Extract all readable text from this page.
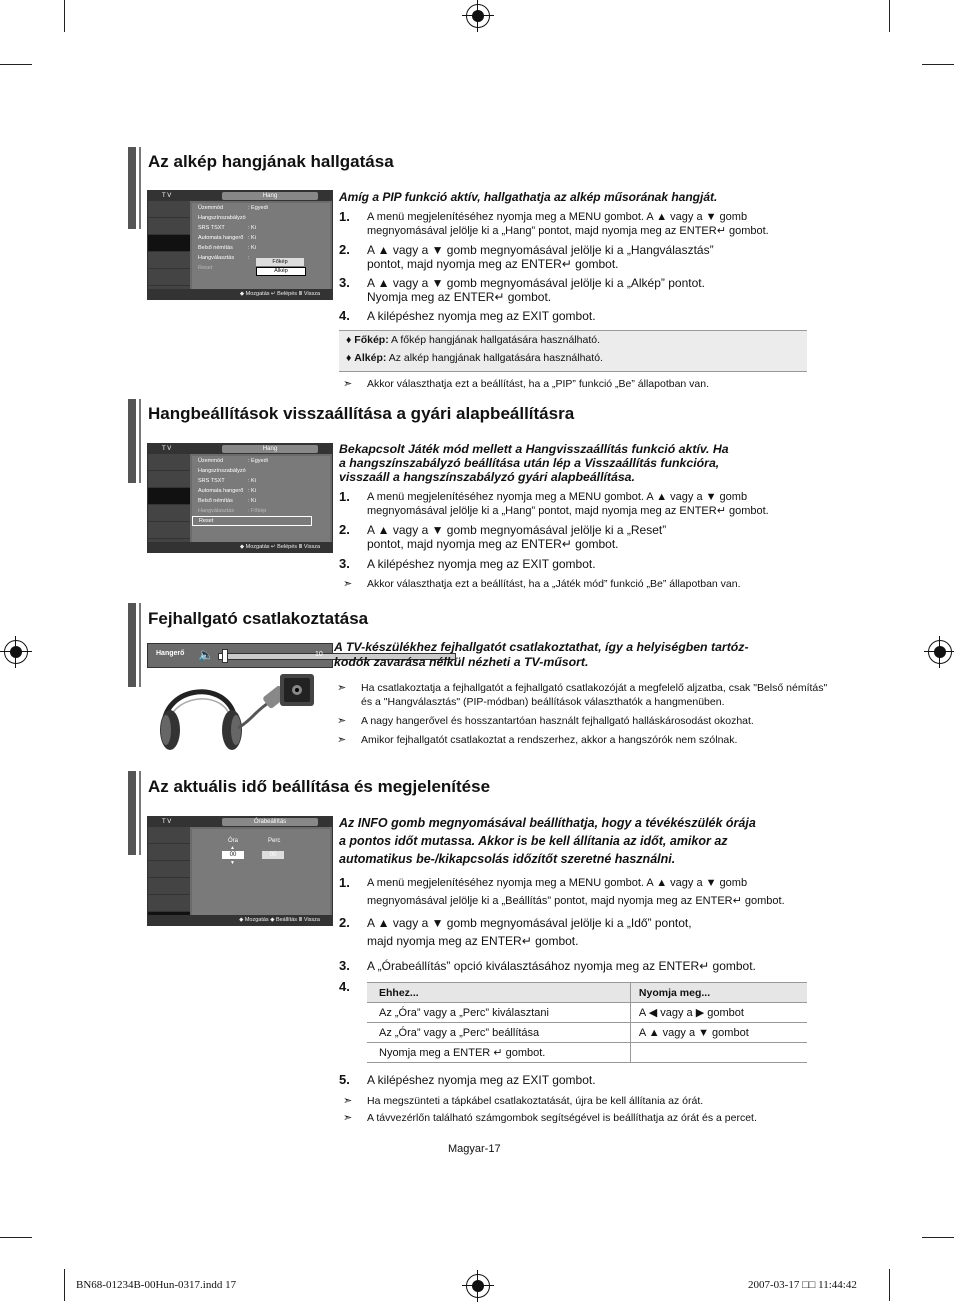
Az alkép hangjának hallgatása
T V	Hang
Üzemmód	: Egyedi
Hangszínszabályzó
SRS TSXT	: Ki
Automata hangerő : Ki
Belső némítás	: Ki
Hangválasztás	:
Reset
Főkép
Alkép
◆ Mozgatás ↵ Belépés Ⅲ Vissza
Amíg a PIP funkció aktív, hallgathatja az alkép műsorának hangját.
1. A menü megjelenítéséhez nyomja meg a MENU gombot. A ▲ vagy a ▼ gomb
megnyomásával jelölje ki a „Hang” pontot, majd nyomja meg az ENTER↵ gombot.
2. A ▲ vagy a ▼ gomb megnyomásával jelölje ki a „Hangválasztás”
pontot, majd nyomja meg az ENTER↵ gombot.
3. A ▲ vagy a ▼ gomb megnyomásával jelölje ki a „Alkép” pontot.
Nyomja meg az ENTER↵ gombot.
4. A kilépéshez nyomja meg az EXIT gombot.
♦ Főkép: A főkép hangjának hallgatására használható.
♦ Alkép: Az alkép hangjának hallgatására használható.
➣ Akkor választhatja ezt a beállítást, ha a „PIP” funkció „Be” állapotban van.
Hangbeállítások visszaállítása a gyári alapbeállításra
T V	Hang
Üzemmód	: Egyedi
Hangszínszabályzó
SRS TSXT	: Ki
Automata hangerő : Ki
Belső némítás	: Ki
Hangválasztás	: Főkép
Reset
◆ Mozgatás ↵ Belépés Ⅲ Vissza
Bekapcsolt Játék mód mellett a Hangvisszaállítás funkció aktív. Ha
a hangszínszabályzó beállítása után lép a Visszaállítás funkcióra,
visszaáll a hangszínszabályzó gyári alapbeállítása.
1. A menü megjelenítéséhez nyomja meg a MENU gombot. A ▲ vagy a ▼ gomb
megnyomásával jelölje ki a „Hang” pontot, majd nyomja meg az ENTER↵ gombot.
2. A ▲ vagy a ▼ gomb megnyomásával jelölje ki a „Reset”
pontot, majd nyomja meg az ENTER↵ gombot.
3. A kilépéshez nyomja meg az EXIT gombot.
➣ Akkor választhatja ezt a beállítást, ha a „Játék mód” funkció „Be” állapotban van.
Fejhallgató csatlakoztatása
Hangerő 🔈	10
A TV-készülékhez fejhallgatót csatlakoztathat, így a helyiségben tartóz-
kodók zavarása nélkül nézheti a TV-műsort.
➣ Ha csatlakoztatja a fejhallgatót a fejhallgató csatlakozóját a megfelelő aljzatba, csak "Belső némítás"
és a "Hangválasztás" (PIP-módban) beállítások választhatók a hangmenüben.
➣ A nagy hangerővel és hosszantartóan használt fejhallgató halláskárosodást okozhat.
➣ Amikor fejhallgatót csatlakoztat a rendszerhez, akkor a hangszórók nem szólnak.
Az aktuális idő beállítása és megjelenítése
T V	Órabeállítás
Óra	Perc
▲
00	00
▼
◆ Mozgatás ◆ Beállítás Ⅲ Vissza
Az INFO gomb megnyomásával beállíthatja, hogy a tévékészülék órája
a pontos időt mutassa. Akkor is be kell állítania az időt, amikor az
automatikus be-/kikapcsolás időzítőt szeretné használni.
1. A menü megjelenítéséhez nyomja meg a MENU gombot. A ▲ vagy a ▼ gomb
megnyomásával jelölje ki a „Beállítás” pontot, majd nyomja meg az ENTER↵ gombot.
2. A ▲ vagy a ▼ gomb megnyomásával jelölje ki a „Idő” pontot,
majd nyomja meg az ENTER↵ gombot.
3. A „Órabeállítás” opció kiválasztásához nyomja meg az ENTER↵ gombot.
4.	Ehhez...	Nyomja meg...
Az „Óra” vagy a „Perc” kiválasztani	A ◀ vagy a ▶ gombot
Az „Óra” vagy a „Perc” beállítása	A ▲ vagy a ▼ gombot
Nyomja meg a ENTER ↵ gombot.	
5. A kilépéshez nyomja meg az EXIT gombot.
➣ Ha megszünteti a tápkábel csatlakoztatását, újra be kell állítania az órát.
➣ A távvezérlőn található számgombok segítségével is beállíthatja az órát és a percet.
Magyar-17
BN68-01234B-00Hun-0317.indd 17	2007-03-17 □□ 11:44:42
